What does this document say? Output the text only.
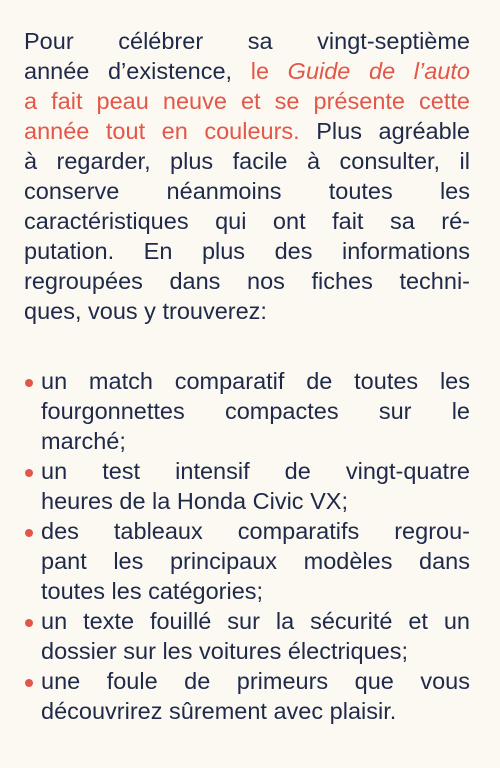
Pour célébrer sa vingt-septième
année d’existence, le Guide de l’auto
a fait peau neuve et se présente cette
année tout en couleurs. Plus agréable
à regarder, plus facile à consulter, il
conserve néanmoins toutes les
caractéristiques qui ont fait sa ré-
putation. En plus des informations
regroupées dans nos fiches techni-
ques, vous y trouverez:

un match comparatif de toutes les
fourgonnettes compactes sur le
marché;
un test intensif de vingt-quatre
heures de la Honda Civic VX;
des tableaux comparatifs regrou-
pant les principaux modèles dans
toutes les catégories;
un texte fouillé sur la sécurité et un
dossier sur les voitures électriques;
une foule de primeurs que vous
découvrirez sûrement avec plaisir.
